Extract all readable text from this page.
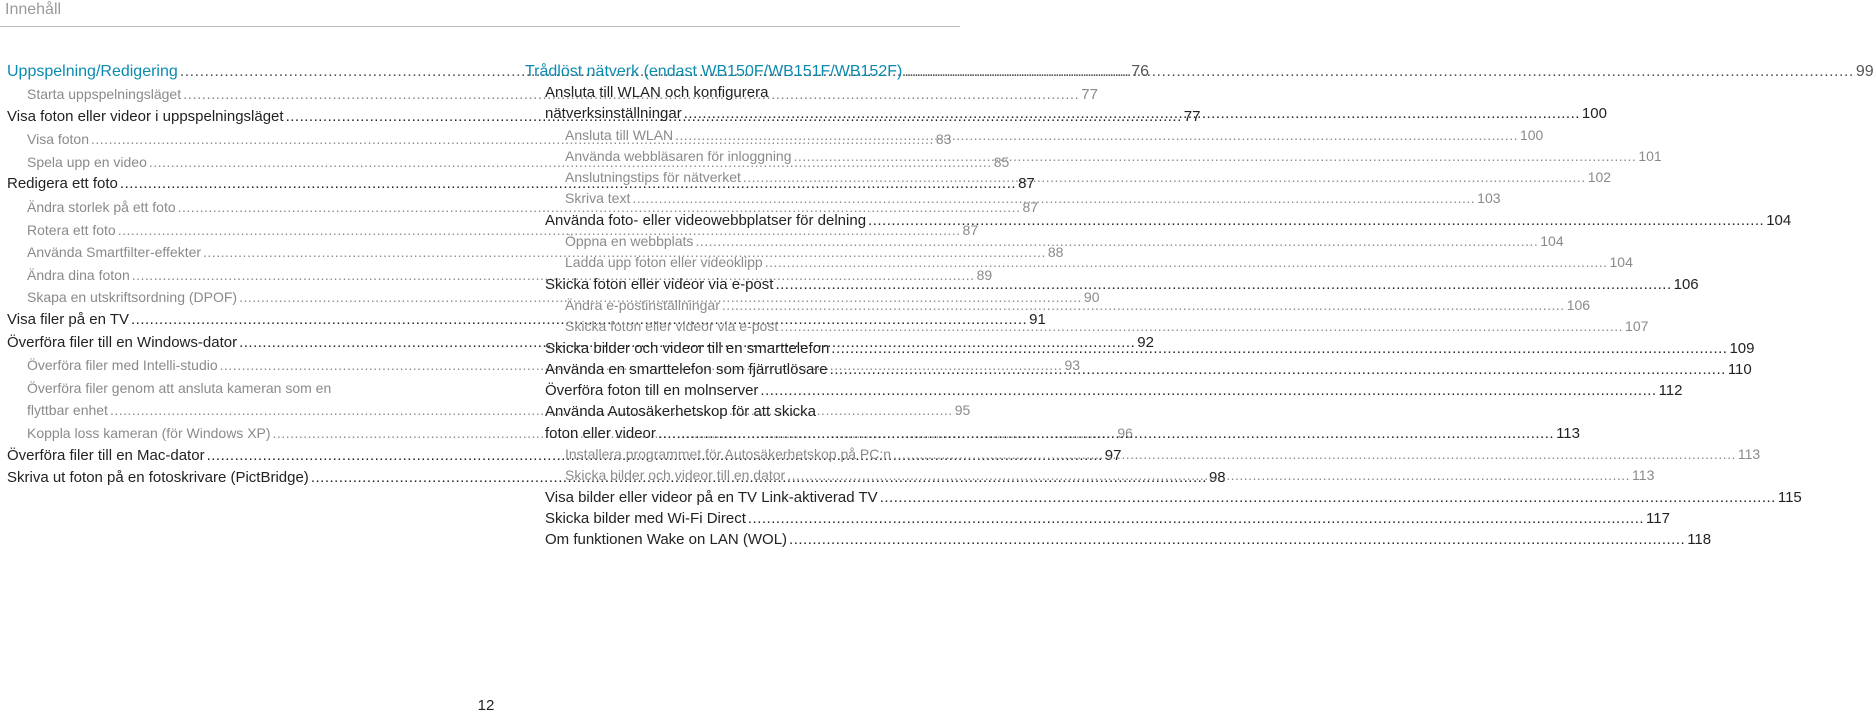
Innehåll
Uppspelning/Redigering .....	76
Starta uppspelningsläget .....	77
Visa foton eller videor i uppspelningsläget .....	77
Visa foton .....	83
Spela upp en video .....	85
Redigera ett foto .....	87
Ändra storlek på ett foto .....	87
Rotera ett foto .....	87
Använda Smartfilter-effekter .....	88
Ändra dina foton .....	89
Skapa en utskriftsordning (DPOF) .....	90
Visa filer på en TV .....	91
Överföra filer till en Windows-dator .....	92
Överföra filer med Intelli-studio .....	93
Överföra filer genom att ansluta kameran som en
flyttbar enhet .....	95
Koppla loss kameran (för Windows XP) .....	96
Överföra filer till en Mac-dator .....	97
Skriva ut foton på en fotoskrivare (PictBridge) .....	98
Trådlöst nätverk (endast WB150F/WB151F/WB152F) .....	99
Ansluta till WLAN och konfigurera
nätverksinställningar .....	100
Ansluta till WLAN .....	100
Använda webbläsaren för inloggning .....	101
Anslutningstips för nätverket .....	102
Skriva text .....	103
Använda foto- eller videowebbplatser för delning .....	104
Öppna en webbplats .....	104
Ladda upp foton eller videoklipp .....	104
Skicka foton eller videor via e-post .....	106
Ändra e-postinställningar .....	106
Skicka foton eller videor via e-post .....	107
Skicka bilder och videor till en smarttelefon .....	109
Använda en smarttelefon som fjärrutlösare .....	110
Överföra foton till en molnserver .....	112
Använda Autosäkerhetskop för att skicka
foton eller videor .....	113
Installera programmet för Autosäkerhetskop på PC:n .....	113
Skicka bilder och videor till en dator .....	113
Visa bilder eller videor på en TV Link-aktiverad TV .....	115
Skicka bilder med Wi-Fi Direct .....	117
Om funktionen Wake on LAN (WOL) .....	118
12
